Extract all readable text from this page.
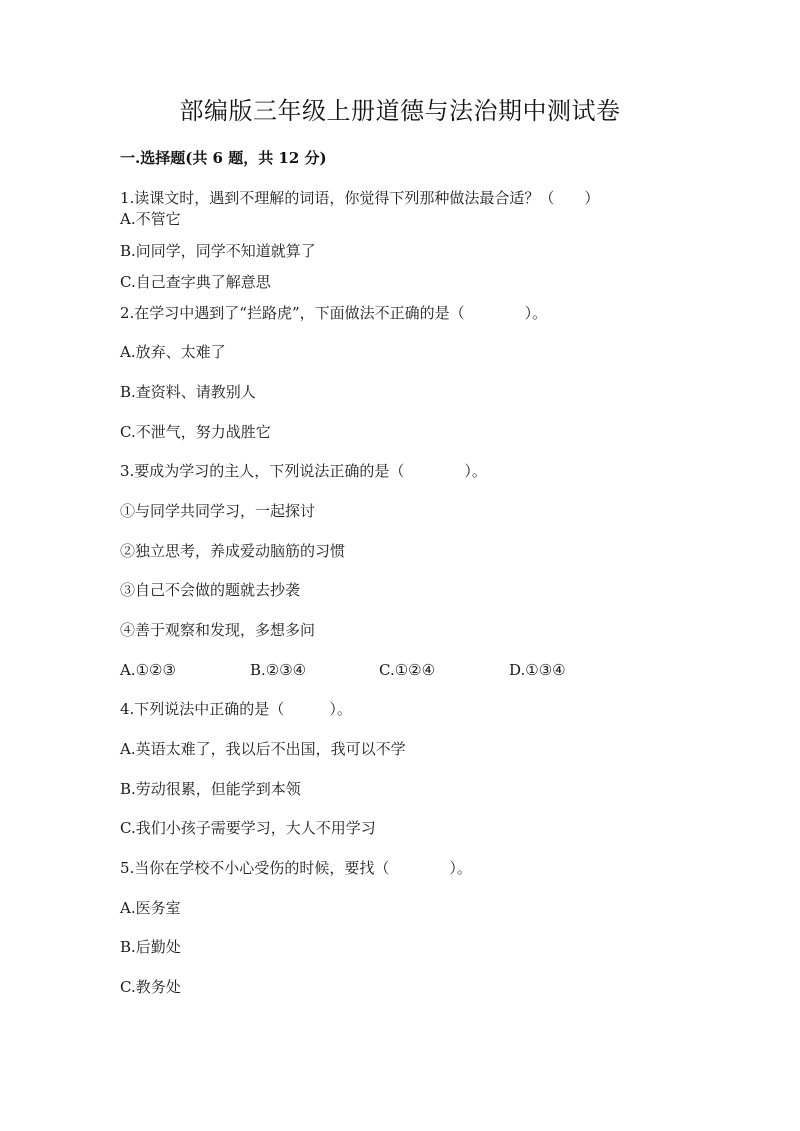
部编版三年级上册道德与法治期中测试卷
一.选择题(共 6 题，共 12 分)
1.读课文时，遇到不理解的词语，你觉得下列那种做法最合适？（　　）
A.不管它
B.问同学，同学不知道就算了
C.自己查字典了解意思
2.在学习中遇到了“拦路虎”，下面做法不正确的是（　　　　）。
A.放弃、太难了
B.查资料、请教别人
C.不泄气，努力战胜它
3.要成为学习的主人，下列说法正确的是（　　　　）。
①与同学共同学习，一起探讨
②独立思考，养成爱动脑筋的习惯
③自己不会做的题就去抄袭
④善于观察和发现，多想多问
A.①②③	B.②③④	C.①②④	D.①③④
4.下列说法中正确的是（　　　）。
A.英语太难了，我以后不出国，我可以不学
B.劳动很累，但能学到本领
C.我们小孩子需要学习，大人不用学习
5.当你在学校不小心受伤的时候，要找（　　　　）。
A.医务室
B.后勤处
C.教务处
